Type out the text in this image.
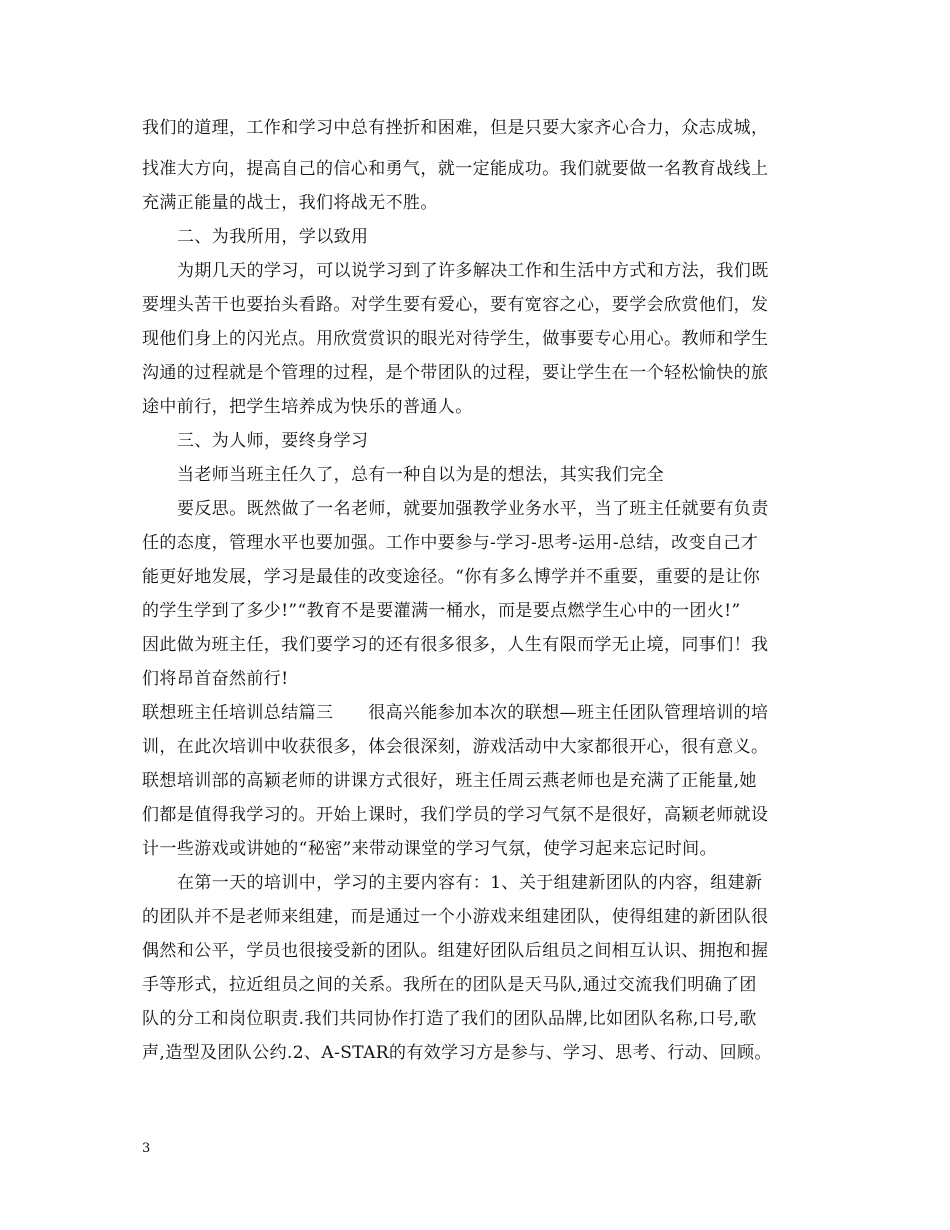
我们的道理，工作和学习中总有挫折和困难，但是只要大家齐心合力，众志成城，
找准大方向，提高自己的信心和勇气，就一定能成功。我们就要做一名教育战线上
充满正能量的战士，我们将战无不胜。
二、为我所用，学以致用
为期几天的学习，可以说学习到了许多解决工作和生活中方式和方法，我们既
要埋头苦干也要抬头看路。对学生要有爱心，要有宽容之心，要学会欣赏他们，发
现他们身上的闪光点。用欣赏赏识的眼光对待学生，做事要专心用心。教师和学生
沟通的过程就是个管理的过程，是个带团队的过程，要让学生在一个轻松愉快的旅
途中前行，把学生培养成为快乐的普通人。
三、为人师，要终身学习
当老师当班主任久了，总有一种自以为是的想法，其实我们完全
要反思。既然做了一名老师，就要加强教学业务水平，当了班主任就要有负责
任的态度，管理水平也要加强。工作中要参与-学习-思考-运用-总结，改变自己才
能更好地发展，学习是最佳的改变途径。“你有多么博学并不重要，重要的是让你
的学生学到了多少!”“教育不是要灌满一桶水，而是要点燃学生心中的一团火!”
因此做为班主任，我们要学习的还有很多很多，人生有限而学无止境，同事们！我
们将昂首奋然前行!
联想班主任培训总结篇三　　很高兴能参加本次的联想—班主任团队管理培训的培
训，在此次培训中收获很多，体会很深刻，游戏活动中大家都很开心，很有意义。
联想培训部的高颖老师的讲课方式很好，班主任周云燕老师也是充满了正能量,她
们都是值得我学习的。开始上课时，我们学员的学习气氛不是很好，高颖老师就设
计一些游戏或讲她的“秘密”来带动课堂的学习气氛，使学习起来忘记时间。
在第一天的培训中，学习的主要内容有：1、关于组建新团队的内容，组建新
的团队并不是老师来组建，而是通过一个小游戏来组建团队，使得组建的新团队很
偶然和公平，学员也很接受新的团队。组建好团队后组员之间相互认识、拥抱和握
手等形式，拉近组员之间的关系。我所在的团队是天马队,通过交流我们明确了团
队的分工和岗位职责.我们共同协作打造了我们的团队品牌,比如团队名称,口号,歌
声,造型及团队公约.2、A-STAR的有效学习方是参与、学习、思考、行动、回顾。
3
